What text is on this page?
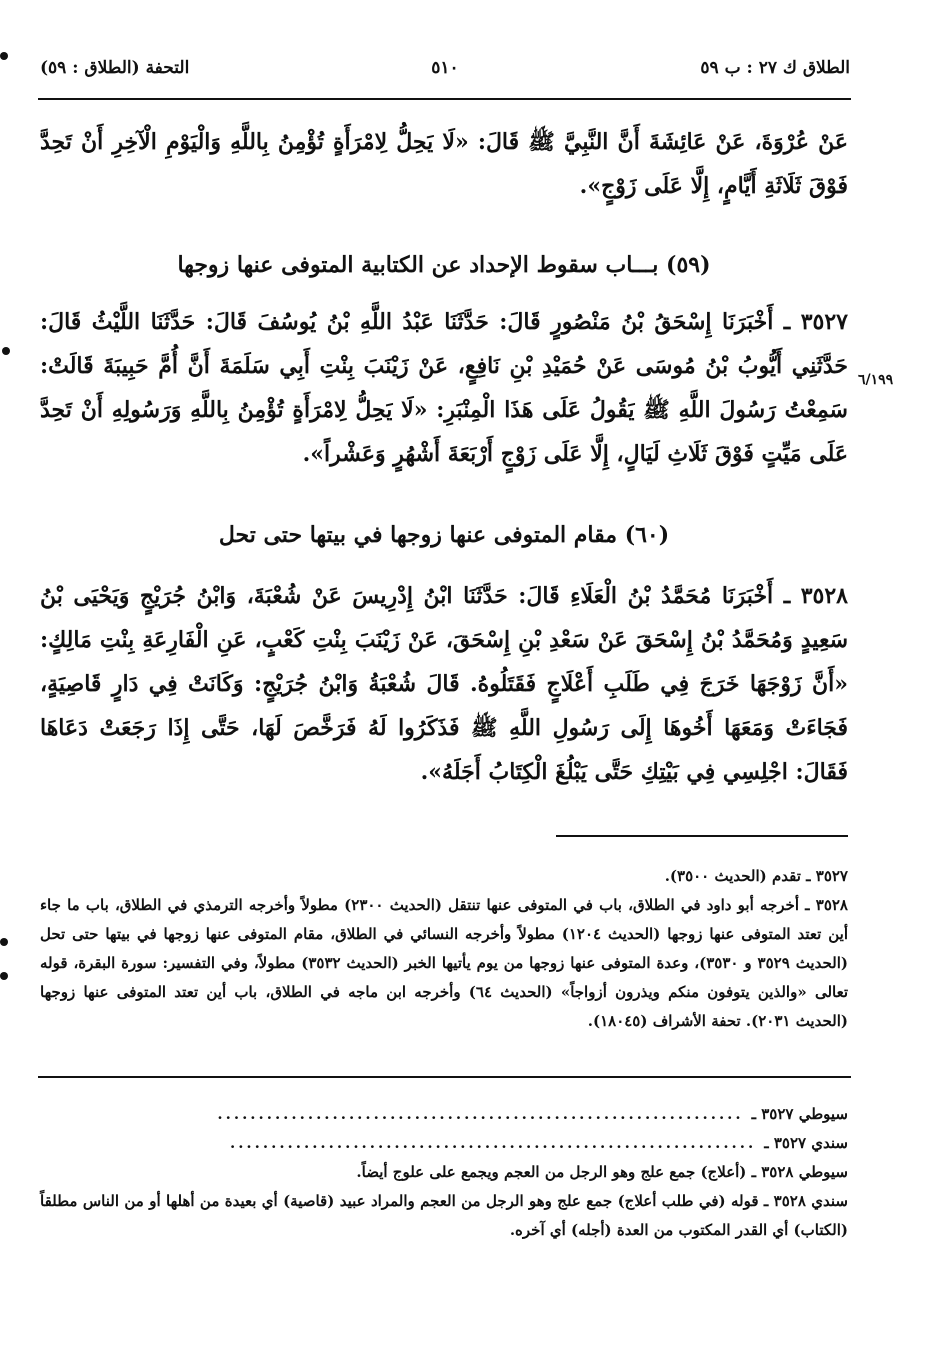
الطلاق ك ٢٧ : ب ٥٩
٥١٠
التحفة (الطلاق : ٥٩)
عَنْ عُرْوَةَ، عَنْ عَائِشَةَ أَنَّ النَّبِيَّ ﷺ قَالَ: «لَا يَحِلُّ لِامْرَأَةٍ تُؤْمِنُ بِاللَّهِ وَالْيَوْمِ الْآخِرِ أَنْ تَحِدَّ فَوْقَ ثَلَاثَةِ أَيَّامٍ، إِلَّا عَلَى زَوْجٍ».
(٥٩) بـــاب سقوط الإحداد عن الكتابية المتوفى عنها زوجها
٣٥٢٧ ـ أَخْبَرَنَا إِسْحَقُ بْنُ مَنْصُورٍ قَالَ: حَدَّثَنَا عَبْدُ اللَّهِ بْنُ يُوسُفَ قَالَ: حَدَّثَنَا اللَّيْثُ قَالَ: حَدَّثَنِي أَيُّوبُ بْنُ مُوسَى عَنْ حُمَيْدِ بْنِ نَافِعٍ، عَنْ زَيْنَبَ بِنْتِ أَبِي سَلَمَةَ أَنَّ أُمَّ حَبِيبَةَ قَالَتْ: سَمِعْتُ رَسُولَ اللَّهِ ﷺ يَقُولُ عَلَى هَذَا الْمِنْبَرِ: «لَا يَحِلُّ لِامْرَأَةٍ تُؤْمِنُ بِاللَّهِ وَرَسُولِهِ أَنْ تَحِدَّ عَلَى مَيِّتٍ فَوْقَ ثَلَاثِ لَيَالٍ، إِلَّا عَلَى زَوْجٍ أَرْبَعَةَ أَشْهُرٍ وَعَشْراً».
٦/١٩٩
(٦٠) مقام المتوفى عنها زوجها في بيتها حتى تحل
٣٥٢٨ ـ أَخْبَرَنَا مُحَمَّدُ بْنُ الْعَلَاءِ قَالَ: حَدَّثَنَا ابْنُ إِدْرِيسَ عَنْ شُعْبَةَ، وَابْنُ جُرَيْجٍ وَيَحْيَى بْنُ سَعِيدٍ وَمُحَمَّدُ بْنُ إِسْحَقَ عَنْ سَعْدِ بْنِ إِسْحَقَ، عَنْ زَيْنَبَ بِنْتِ كَعْبٍ، عَنِ الْفَارِعَةِ بِنْتِ مَالِكٍ: «أَنَّ زَوْجَهَا خَرَجَ فِي طَلَبِ أَعْلَاجٍ فَقَتَلُوهُ. قَالَ شُعْبَةُ وَابْنُ جُرَيْجٍ: وَكَانَتْ فِي دَارٍ قَاصِيَةٍ، فَجَاءَتْ وَمَعَهَا أَخُوهَا إِلَى رَسُولِ اللَّهِ ﷺ فَذَكَرُوا لَهُ فَرَخَّصَ لَهَا، حَتَّى إِذَا رَجَعَتْ دَعَاهَا فَقَالَ: اجْلِسِي فِي بَيْتِكِ حَتَّى يَبْلُغَ الْكِتَابُ أَجَلَهُ».

٣٥٢٧ ـ تقدم (الحديث ٣٥٠٠).

٣٥٢٨ ـ أخرجه أبو داود في الطلاق، باب في المتوفى عنها تنتقل (الحديث ٢٣٠٠) مطولاً وأخرجه الترمذي في الطلاق، باب ما جاء أين تعتد المتوفى عنها زوجها (الحديث ١٢٠٤) مطولاً وأخرجه النسائي في الطلاق، مقام المتوفى عنها زوجها في بيتها حتى تحل (الحديث ٣٥٢٩ و ٣٥٣٠)، وعدة المتوفى عنها زوجها من يوم يأتيها الخبر (الحديث ٣٥٣٢) مطولاً، وفي التفسير: سورة البقرة، قوله تعالى «والذين يتوفون منكم ويذرون أزواجاً» (الحديث ٦٤) وأخرجه ابن ماجه في الطلاق، باب أين تعتد المتوفى عنها زوجها (الحديث ٢٠٣١). تحفة الأشراف (١٨٠٤٥).

سيوطي ٣٥٢٧ ـ
................................................................

سندي ٣٥٢٧ ـ
................................................................

سيوطي ٣٥٢٨ ـ (أعلاج) جمع علج وهو الرجل من العجم ويجمع على علوج أيضاً.

سندي ٣٥٢٨ ـ قوله (في طلب أعلاج) جمع علج وهو الرجل من العجم والمراد عبيد (قاصية) أي بعيدة من أهلها أو من الناس مطلقاً (الكتاب) أي القدر المكتوب من العدة (أجله) أي آخره.
